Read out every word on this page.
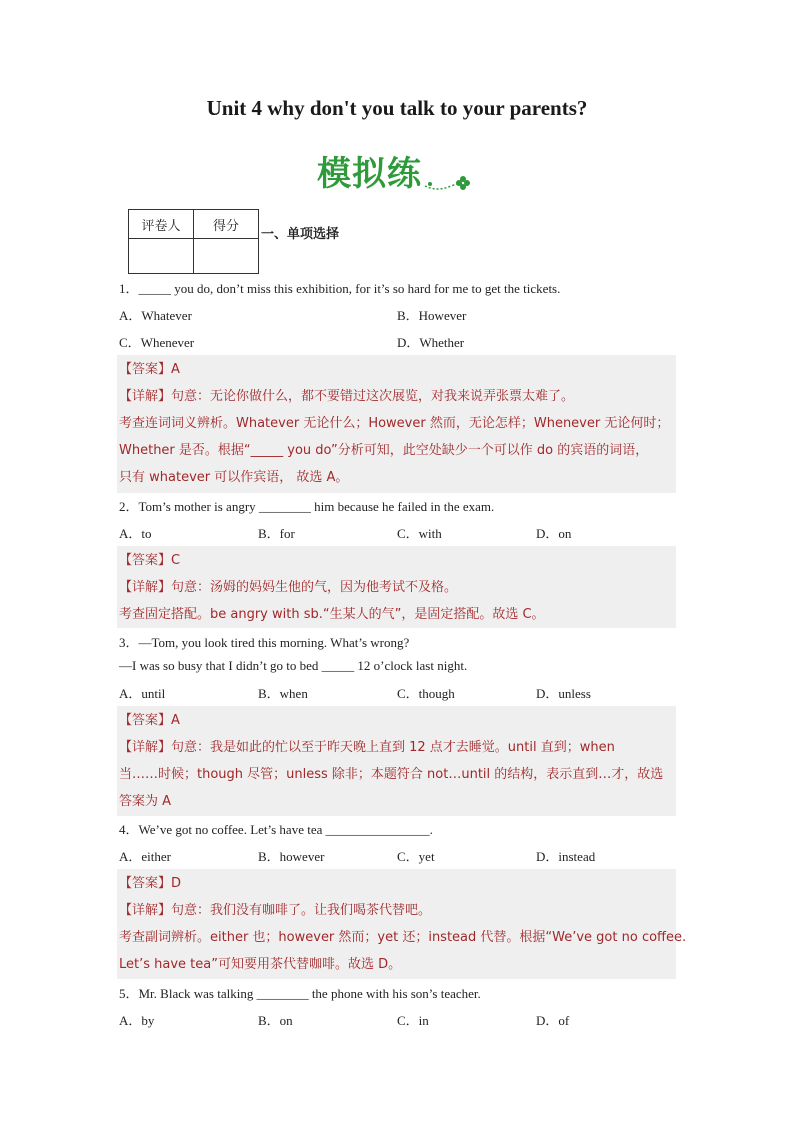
Unit 4 why don't you talk to your parents?
模拟练
评卷人	得分

一、单项选择
1．_____ you do, don’t miss this exhibition, for it’s so hard for me to get the tickets.
A．Whatever	B．However
C．Whenever	D．Whether
【答案】A
【详解】句意：无论你做什么，都不要错过这次展览，对我来说弄张票太难了。
考查连词词义辨析。Whatever 无论什么；However 然而，无论怎样；Whenever 无论何时；
Whether 是否。根据“_____ you do”分析可知，此空处缺少一个可以作 do 的宾语的词语，
只有 whatever 可以作宾语， 故选 A。
2．Tom’s mother is angry ________ him because he failed in the exam.
A．to	B．for	C．with	D．on
【答案】C
【详解】句意：汤姆的妈妈生他的气，因为他考试不及格。
考查固定搭配。be angry with sb.“生某人的气”，是固定搭配。故选 C。
3．—Tom, you look tired this morning. What’s wrong?
—I was so busy that I didn’t go to bed _____ 12 o’clock last night.
A．until	B．when	C．though	D．unless
【答案】A
【详解】句意：我是如此的忙以至于昨天晚上直到 12 点才去睡觉。until 直到；when
当……时候；though 尽管；unless 除非；本题符合 not…until 的结构，表示直到…才，故选
答案为 A
4．We’ve got no coffee. Let’s have tea ________________.
A．either	B．however	C．yet	D．instead
【答案】D
【详解】句意：我们没有咖啡了。让我们喝茶代替吧。
考查副词辨析。either 也；however 然而；yet 还；instead 代替。根据“We’ve got no coffee.
Let’s have tea”可知要用茶代替咖啡。故选 D。
5．Mr. Black was talking ________ the phone with his son’s teacher.
A．by	B．on	C．in	D．of
